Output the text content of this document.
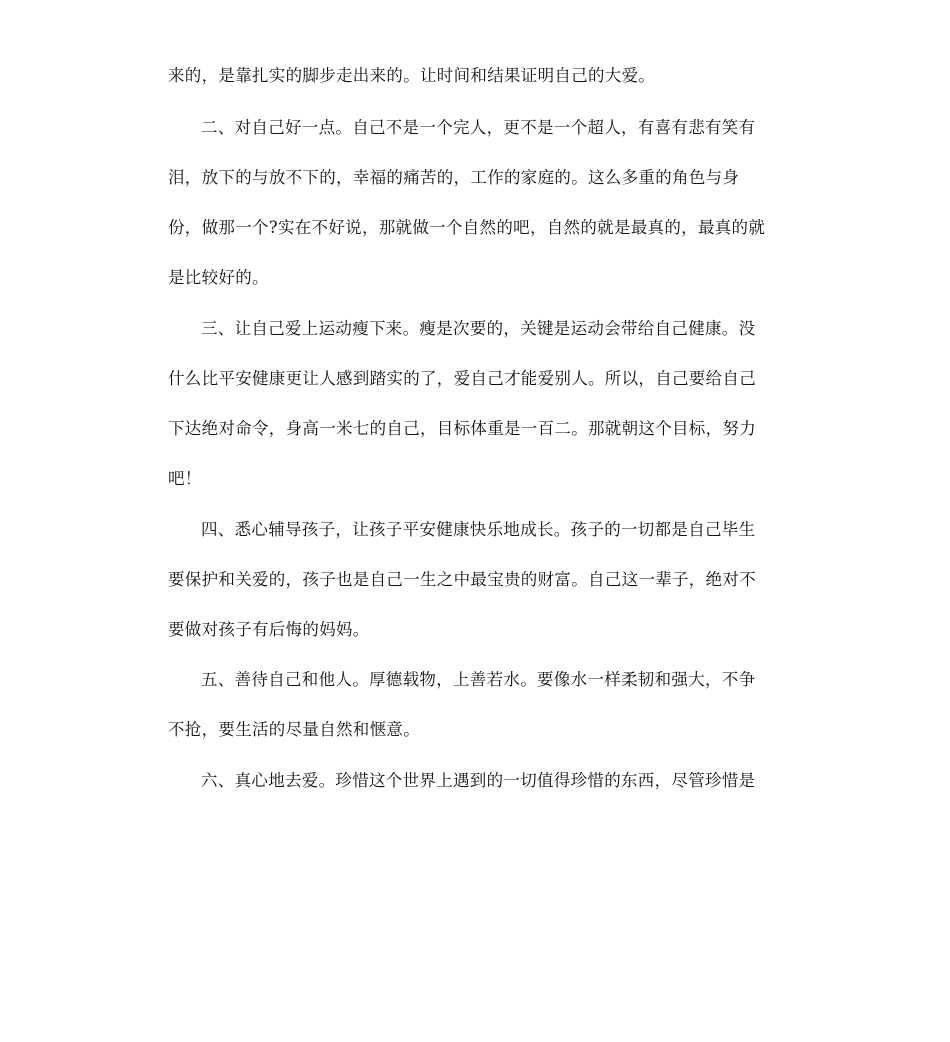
来的，是靠扎实的脚步走出来的。让时间和结果证明自己的大爱。
二、对自己好一点。自己不是一个完人，更不是一个超人，有喜有悲有笑有
泪，放下的与放不下的，幸福的痛苦的，工作的家庭的。这么多重的角色与身
份，做那一个?实在不好说，那就做一个自然的吧，自然的就是最真的，最真的就
是比较好的。
三、让自己爱上运动瘦下来。瘦是次要的，关键是运动会带给自己健康。没
什么比平安健康更让人感到踏实的了，爱自己才能爱别人。所以，自己要给自己
下达绝对命令，身高一米七的自己，目标体重是一百二。那就朝这个目标，努力
吧！
四、悉心辅导孩子，让孩子平安健康快乐地成长。孩子的一切都是自己毕生
要保护和关爱的，孩子也是自己一生之中最宝贵的财富。自己这一辈子，绝对不
要做对孩子有后悔的妈妈。
五、善待自己和他人。厚德载物，上善若水。要像水一样柔韧和强大，不争
不抢，要生活的尽量自然和惬意。
六、真心地去爱。珍惜这个世界上遇到的一切值得珍惜的东西，尽管珍惜是
